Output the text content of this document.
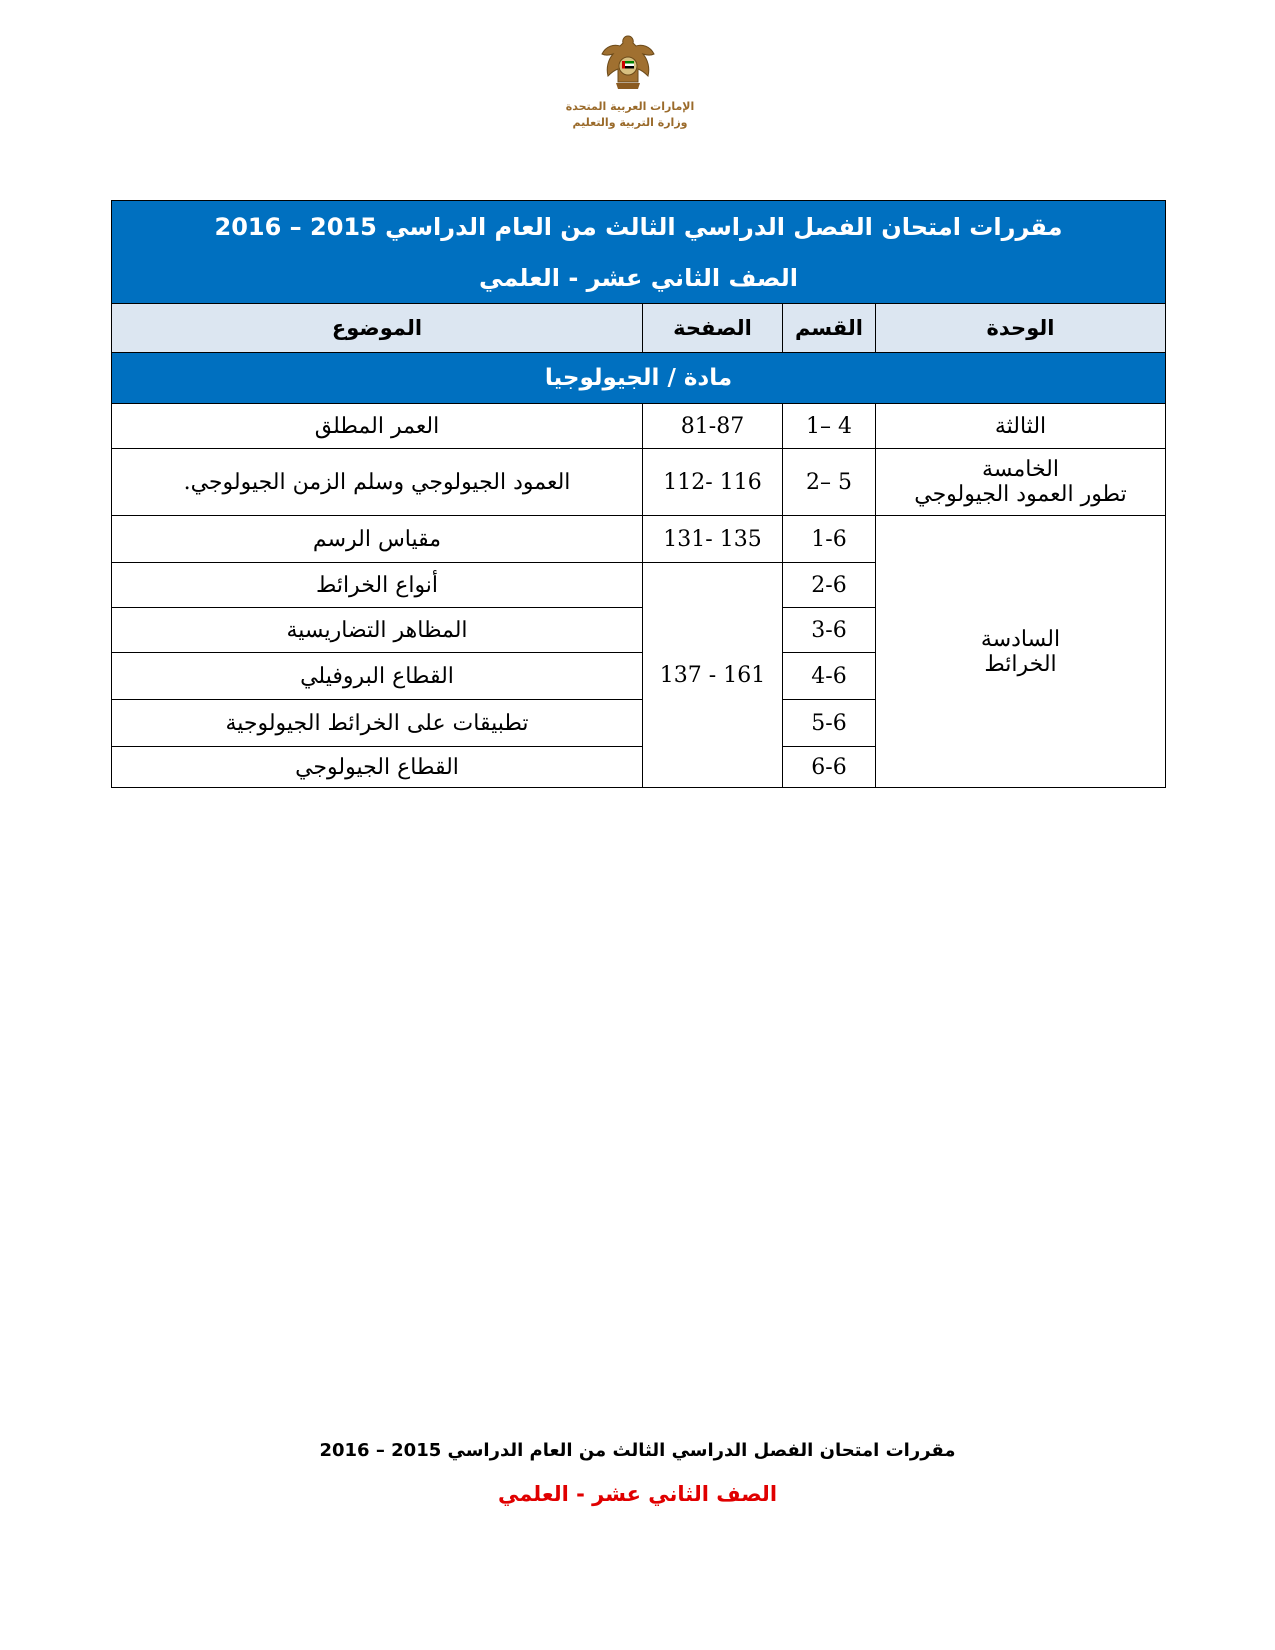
الإمارات العربية المتحدة
وزارة التربية والتعليم
مقررات امتحان الفصل الدراسي الثالث من العام الدراسي 2015 – 2016			
الصف الثاني عشر - العلمي			
الوحدة	القسم	الصفحة	الموضوع
مادة / الجيولوجيا			
الثالثة	1– 4	81-87	العمر المطلق

الخامسة
تطور العمود الجيولوجي	2– 5	112- 116	العمود الجيولوجي وسلم الزمن الجيولوجي.

السادسة
الخرائط	1-6	131- 135	مقياس الرسم
	2-6	137 - 161	أنواع الخرائط
	3-6		المظاهر التضاريسية
	4-6		القطاع البروفيلي
	5-6		تطبيقات على الخرائط الجيولوجية
	6-6		القطاع الجيولوجي
مقررات امتحان الفصل الدراسي الثالث من العام الدراسي 2015 – 2016
الصف الثاني عشر - العلمي
